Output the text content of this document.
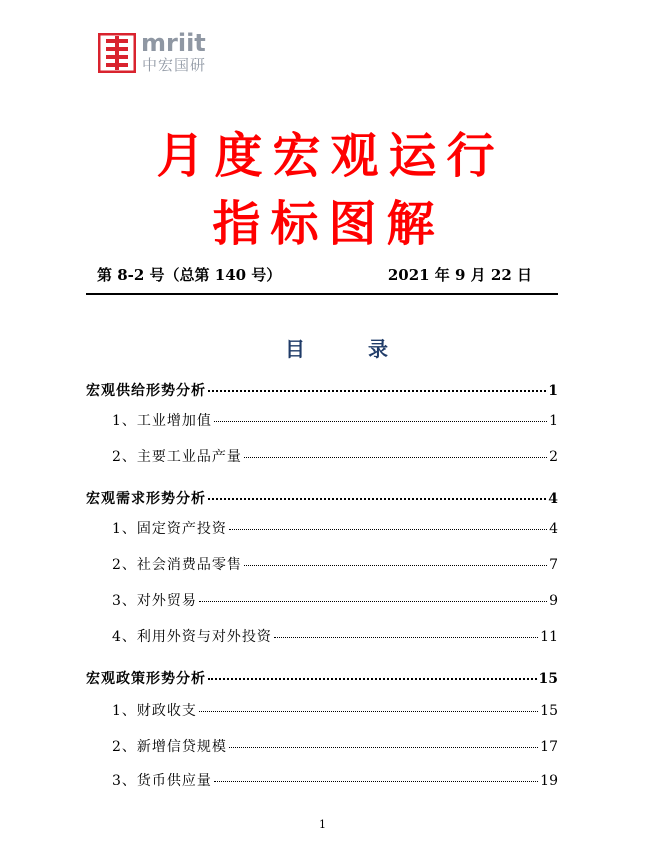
mriit
中宏国研
月度宏观运行
指标图解
第 8-2 号（总第 140 号）	2021 年 9 月 22 日
目 录
宏观供给形势分析	1
1、工业增加值	1
2、主要工业品产量	2
宏观需求形势分析	4
1、固定资产投资	4
2、社会消费品零售	7
3、对外贸易	9
4、利用外资与对外投资	11
宏观政策形势分析	15
1、财政收支	15
2、新增信贷规模	17
3、货币供应量	19
1
